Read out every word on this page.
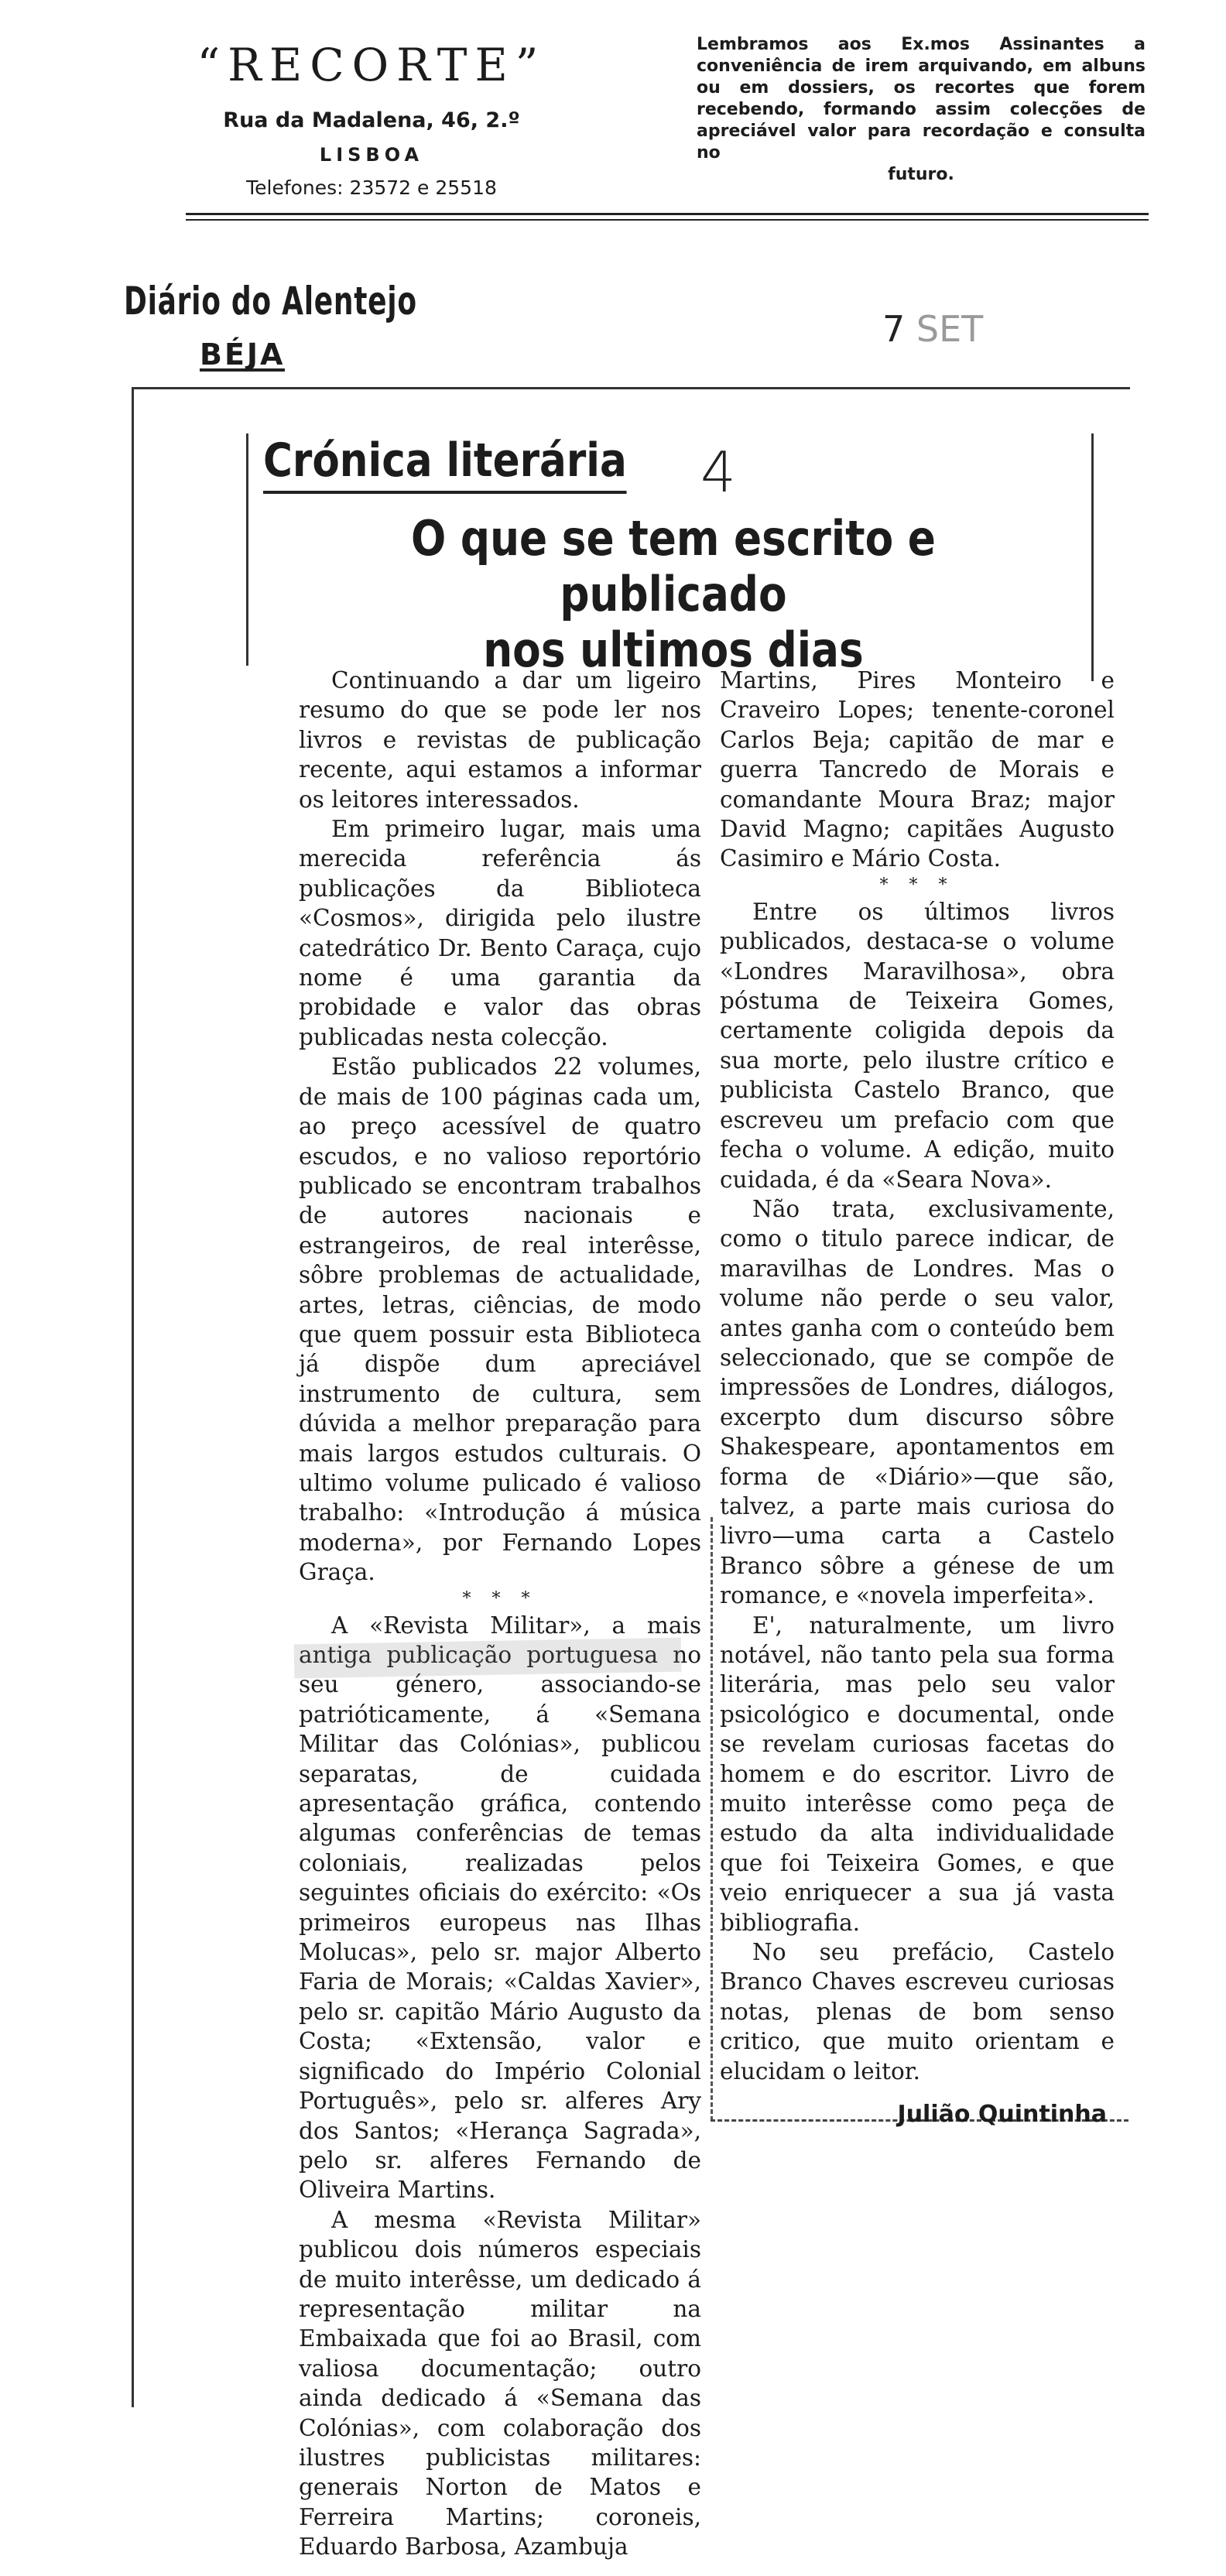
“RECORTE”
Rua da Madalena, 46, 2.º
LISBOA
Telefones: 23572 e 25518
Lembramos aos Ex.mos Assinantes a conveniência de irem arquivando, em albuns ou em dossiers, os recortes que forem recebendo, formando assim colecções de apreciável valor para recordação e consulta no
futuro.
Diário do Alentejo
BÉJA
7 SET
Crónica literária 4
O que se tem escrito e publicado
nos ultimos dias

Continuando a dar um ligeiro resumo do que se pode ler nos livros e revistas de publicação recente, aqui estamos a informar os leitores interessados.

Em primeiro lugar, mais uma merecida referência ás publicações da Biblioteca «Cosmos», dirigida pelo ilustre catedrático Dr. Bento Caraça, cujo nome é uma garantia da probidade e valor das obras publicadas nesta colecção.

Estão publicados 22 volumes, de mais de 100 páginas cada um, ao preço acessível de quatro escudos, e no valioso reportório publicado se encontram trabalhos de autores nacionais e estrangeiros, de real interêsse, sôbre problemas de actualidade, artes, letras, ciências, de modo que quem possuir esta Biblioteca já dispõe dum apreciável instrumento de cultura, sem dúvida a melhor preparação para mais largos estudos culturais. O ultimo volume pulicado é valioso trabalho: «Introdução á música moderna», por Fernando Lopes Graça.

* * *

A «Revista Militar», a mais antiga publicação portuguesa no seu género, associando-se patrióticamente, á «Semana Militar das Colónias», publicou separatas, de cuidada apresentação gráfica, contendo algumas conferências de temas coloniais, realizadas pelos seguintes oficiais do exército: «Os primeiros europeus nas Ilhas Molucas», pelo sr. major Alberto Faria de Morais; «Caldas Xavier», pelo sr. capitão Mário Augusto da Costa; «Extensão, valor e significado do Império Colonial Português», pelo sr. alferes Ary dos Santos; «Herança Sagrada», pelo sr. alferes Fernando de Oliveira Martins.

A mesma «Revista Militar» publicou dois números especiais de muito interêsse, um dedicado á representação militar na Embaixada que foi ao Brasil, com valiosa documentação; outro ainda dedicado á «Semana das Colónias», com colaboração dos ilustres publicistas militares: generais Norton de Matos e Ferreira Martins; coroneis, Eduardo Barbosa, Azambuja

Martins, Pires Monteiro e Craveiro Lopes; tenente-coronel Carlos Beja; capitão de mar e guerra Tancredo de Morais e comandante Moura Braz; major David Magno; capitães Augusto Casimiro e Mário Costa.

* * *

Entre os últimos livros publicados, destaca-se o volume «Londres Maravilhosa», obra póstuma de Teixeira Gomes, certamente coligida depois da sua morte, pelo ilustre crítico e publicista Castelo Branco, que escreveu um prefacio com que fecha o volume. A edição, muito cuidada, é da «Seara Nova».

Não trata, exclusivamente, como o titulo parece indicar, de maravilhas de Londres. Mas o volume não perde o seu valor, antes ganha com o conteúdo bem seleccionado, que se compõe de impressões de Londres, diálogos, excerpto dum discurso sôbre Shakespeare, apontamentos em forma de «Diário»—que são, talvez, a parte mais curiosa do livro—uma carta a Castelo Branco sôbre a génese de um romance, e «novela imperfeita».

E', naturalmente, um livro notável, não tanto pela sua forma literária, mas pelo seu valor psicológico e documental, onde se revelam curiosas facetas do homem e do escritor. Livro de muito interêsse como peça de estudo da alta individualidade que foi Teixeira Gomes, e que veio enriquecer a sua já vasta bibliografia.

No seu prefácio, Castelo Branco Chaves escreveu curiosas notas, plenas de bom senso critico, que muito orientam e elucidam o leitor.

Julião Quintinha
